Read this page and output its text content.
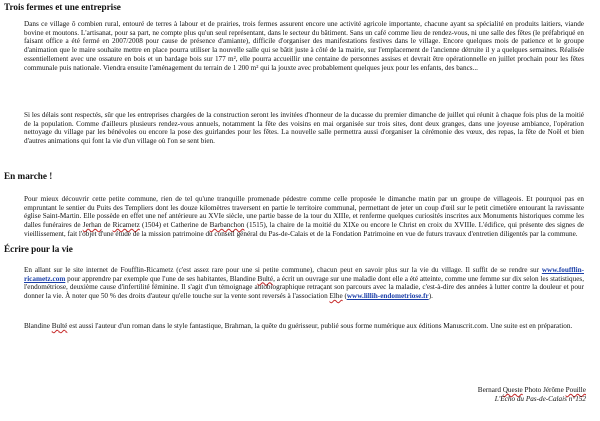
Trois fermes et une entreprise

Dans ce village ô combien rural, entouré de terres à labour et de prairies, trois fermes assurent encore une activité agricole importante, chacune ayant sa spécialité en produits laitiers, viande bovine et moutons. L'artisanat, pour sa part, ne compte plus qu'un seul représentant, dans le secteur du bâtiment. Sans un café comme lieu de rendez-vous, ni une salle des fêtes (le préfabriqué en faisant office a été fermé en 2007/2008 pour cause de présence d'amiante), difficile d'organiser des manifestations festives dans le village. Encore quelques mois de patience et le groupe d'animation que le maire souhaite mettre en place pourra utiliser la nouvelle salle qui se bâtit juste à côté de la mairie, sur l'emplacement de l'ancienne détruite il y a quelques semaines. Réalisée essentiellement avec une ossature en bois et un bardage bois sur 177 m², elle pourra accueillir une centaine de personnes assises et devrait être opérationnelle en juillet prochain pour les fêtes communale puis nationale. Viendra ensuite l'aménagement du terrain de 1 200 m² qui la jouxte avec probablement quelques jeux pour les enfants, des bancs...

Si les délais sont respectés, sûr que les entreprises chargées de la construction seront les invitées d'honneur de la ducasse du premier dimanche de juillet qui réunit à chaque fois plus de la moitié de la population. Comme d'ailleurs plusieurs rendez-vous annuels, notamment la fête des voisins en mai organisée sur trois sites, dont deux granges, dans une joyeuse ambiance, l'opération nettoyage du village par les bénévoles ou encore la pose des guirlandes pour les fêtes. La nouvelle salle permettra aussi d'organiser la cérémonie des vœux, des repas, la fête de Noël et bien d'autres animations qui font la vie d'un village où l'on se sent bien.

En marche !

Pour mieux découvrir cette petite commune, rien de tel qu'une tranquille promenade pédestre comme celle proposée le dimanche matin par un groupe de villageois. Et pourquoi pas en empruntant le sentier du Puits des Templiers dont les douze kilomètres traversent en partie le territoire communal, permettant de jeter un coup d'œil sur le petit cimetière entourant la ravissante église Saint-Martin. Elle possède en effet une nef antérieure au XVIe siècle, une partie basse de la tour du XIIIe, et renferme quelques curiosités inscrites aux Monuments historiques comme les dalles funéraires de Jerhan de Ricametz (1504) et Catherine de Barbanchon (1515), la chaire de la moitié du XIXe ou encore le Christ en croix du XVIIIe. L'édifice, qui présente des signes de vieillissement, fait l'objet d'une étude de la mission patrimoine du conseil général du Pas-de-Calais et de la Fondation Patrimoine en vue de futurs travaux d'entretien diligentés par la commune.

Écrire pour la vie

En allant sur le site internet de Foufflin-Ricametz (c'est assez rare pour une si petite commune), chacun peut en savoir plus sur la vie du village. Il suffit de se rendre sur www.foufflin-ricametz.com pour apprendre par exemple que l'une de ses habitantes, Blandine Bulté, a écrit un ouvrage sur une maladie dont elle a été atteinte, comme une femme sur dix selon les statistiques, l'endométriose, deuxième cause d'infertilité féminine. Il s'agit d'un témoignage autobiographique retraçant son parcours avec la maladie, c'est-à-dire des années à lutter contre la douleur et pour donner la vie. À noter que 50 % des droits d'auteur qu'elle touche sur la vente sont reversés à l'association Elhe (www.lillih-endometriose.fr).

Blandine Bulté est aussi l'auteur d'un roman dans le style fantastique, Brahman, la quête du guérisseur, publié sous forme numérique aux éditions Manuscrit.com. Une suite est en préparation.

Bernard Queste Photo Jérôme Pouille

L'Écho du Pas-de-Calais n°152
